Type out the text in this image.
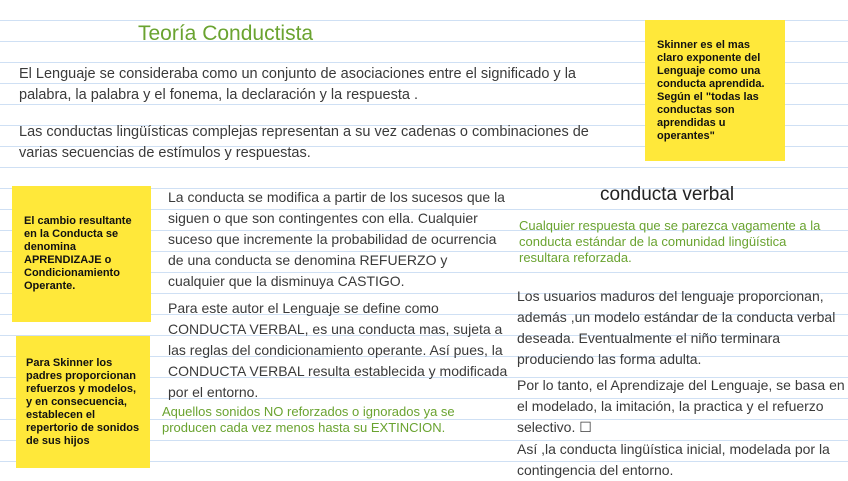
Teoría Conductista
El Lenguaje se consideraba como un conjunto de asociaciones entre el significado y la palabra, la palabra y el fonema, la declaración y la respuesta .
Las conductas lingüísticas complejas representan a su vez cadenas o combinaciones de varias secuencias de estímulos y respuestas.
Skinner es el mas claro exponente del Lenguaje como una conducta aprendida. Según el "todas las conductas son aprendidas u operantes"
El cambio resultante en la Conducta se denomina APRENDIZAJE o Condicionamiento Operante.
Para Skinner los padres proporcionan refuerzos y modelos, y en consecuencia, establecen el repertorio de sonidos de sus hijos
La conducta se modifica a partir de los sucesos que la siguen o que son contingentes con ella. Cualquier suceso que incremente la probabilidad de ocurrencia de una conducta se denomina REFUERZO y cualquier que la disminuya CASTIGO.
Para este autor el Lenguaje se define como CONDUCTA VERBAL, es una conducta mas, sujeta a las reglas del condicionamiento operante. Así pues, la CONDUCTA VERBAL resulta establecida y modificada por el entorno.
Aquellos sonidos NO reforzados o ignorados ya se producen cada vez menos hasta su EXTINCION.
conducta verbal
Cualquier respuesta que se parezca vagamente a la conducta estándar de la comunidad lingüística resultara reforzada.
Los usuarios maduros del lenguaje proporcionan, además ,un modelo estándar de la conducta verbal deseada. Eventualmente el niño terminara produciendo las forma adulta.
Por lo tanto, el Aprendizaje del Lenguaje, se basa en el modelado, la imitación, la practica y el refuerzo selectivo. ☐
Así ,la conducta lingüística inicial, modelada por la contingencia del entorno.
